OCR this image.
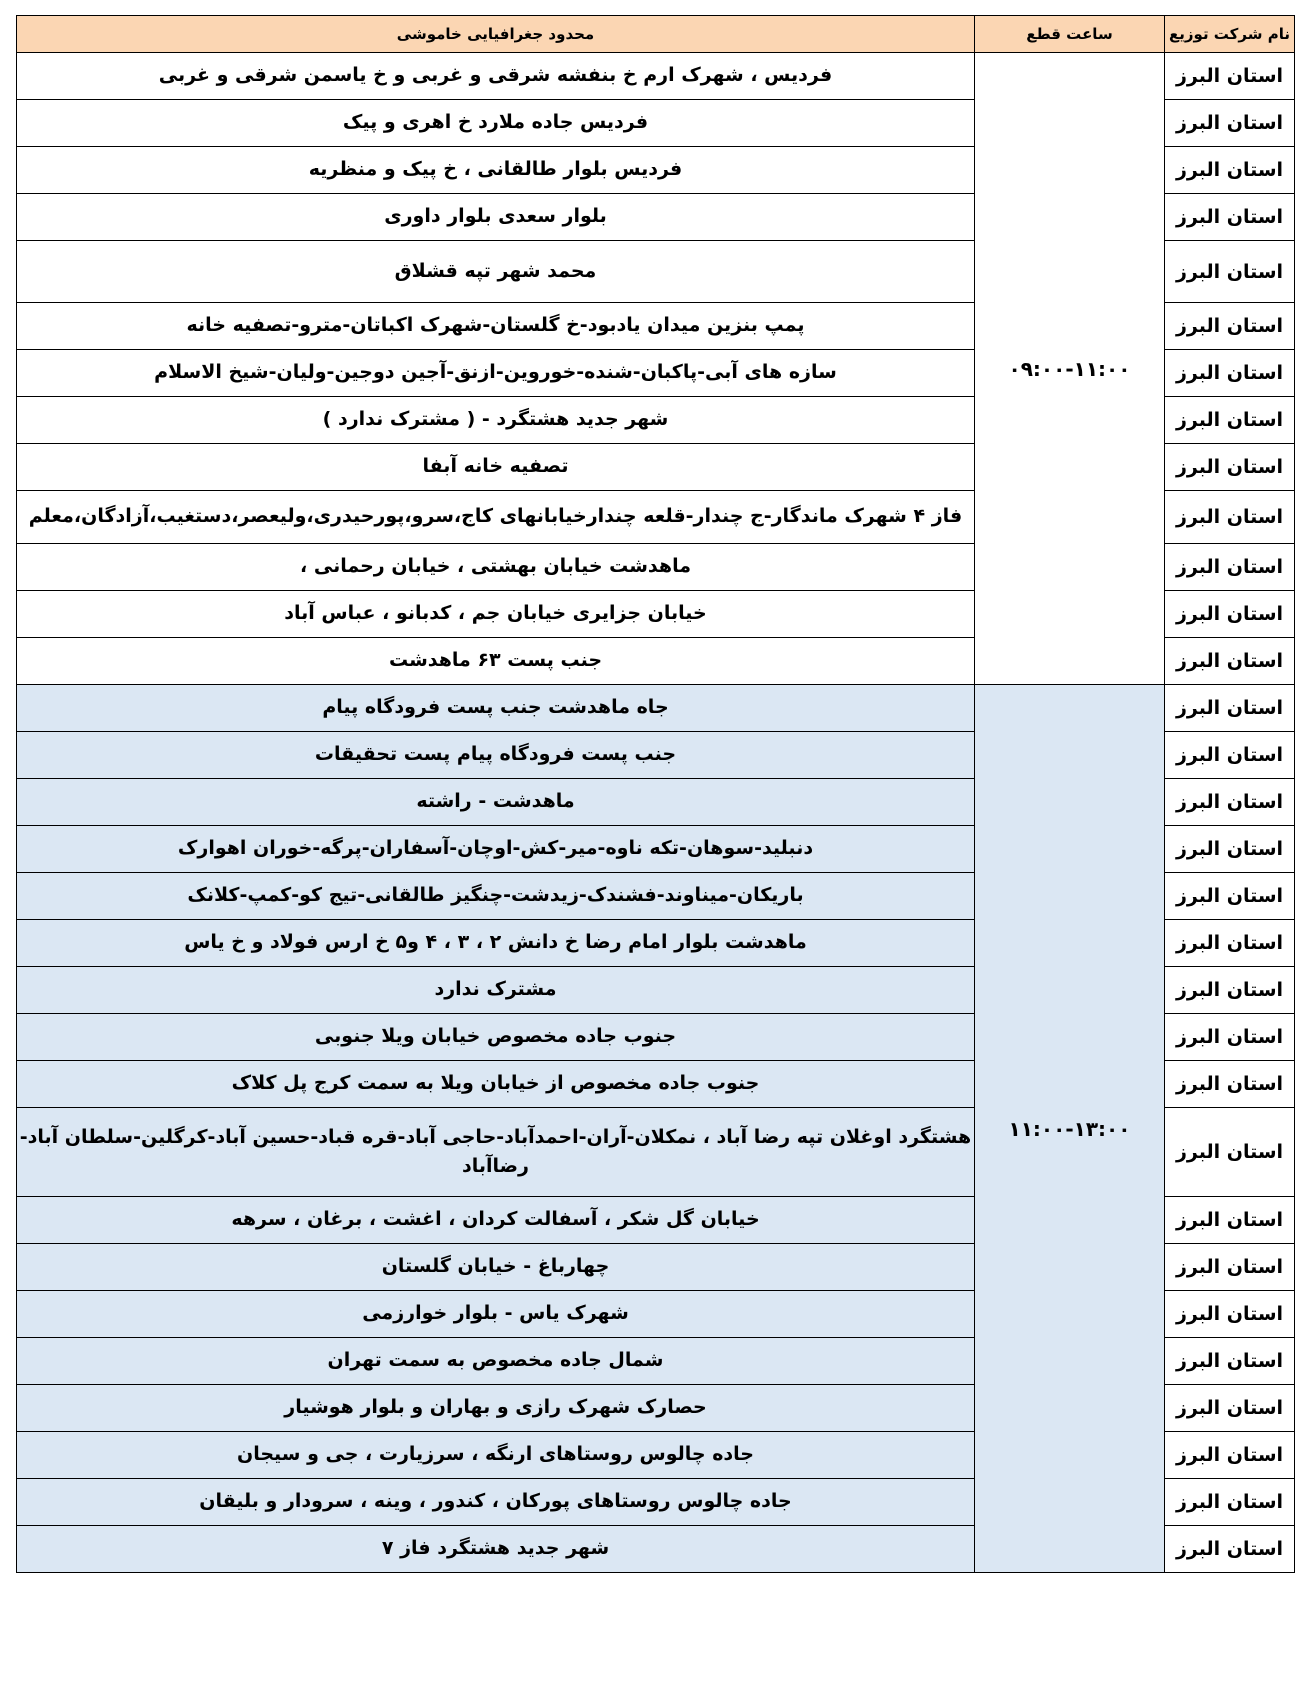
نام شرکت توزیع	ساعت قطع	محدود جغرافیایی خاموشی
استان البرز	۰۹:۰۰-۱۱:۰۰	فردیس ، شهرک ارم خ بنفشه شرقی و غربی و خ یاسمن شرقی و غربی
استان البرز		فردیس جاده ملارد خ اهری و پیک
استان البرز		فردیس بلوار طالقانی ، خ پیک و منظریه
استان البرز		بلوار سعدی بلوار داوری
استان البرز		محمد شهر تپه قشلاق
استان البرز		پمپ بنزین میدان یادبود-خ گلستان-شهرک اکباتان-مترو-تصفیه خانه
استان البرز		سازه های آبی-پاکبان-شنده-خوروین-ازنق-آجین دوجین-ولیان-شیخ الاسلام
استان البرز		شهر جدید هشتگرد - ( مشترک ندارد )
استان البرز		تصفیه خانه آبفا
استان البرز		فاز ۴ شهرک ماندگار-ج چندار-قلعه چندارخیابانهای کاج،سرو،پورحیدری،ولیعصر،دستغیب،آزادگان،معلم
استان البرز		ماهدشت خیابان بهشتی ، خیابان رحمانی ،
استان البرز		خیابان جزایری خیابان جم ، کدبانو ، عباس آباد
استان البرز		جنب پست ۶۳ ماهدشت
استان البرز	۱۱:۰۰-۱۳:۰۰	جاه ماهدشت جنب پست فرودگاه پیام
استان البرز		جنب پست فرودگاه پیام پست تحقیقات
استان البرز		ماهدشت - راشته
استان البرز		دنبلید-سوهان-تکه ناوه-میر-کش-اوچان-آسفاران-پرگه-خوران اهوارک
استان البرز		باریکان-میناوند-فشندک-زیدشت-چنگیز طالقانی-تیج کو-کمپ-کلانک
استان البرز		ماهدشت بلوار امام رضا خ دانش ۲ ، ۳ ، ۴ و۵ خ ارس فولاد و خ یاس
استان البرز		مشترک ندارد
استان البرز		جنوب جاده مخصوص خیابان ویلا جنوبی
استان البرز		جنوب جاده مخصوص از خیابان ویلا به سمت کرج پل کلاک
استان البرز		هشتگرد اوغلان تپه رضا آباد ، نمکلان-آران-احمدآباد-حاجی آباد-قره قباد-حسین آباد-کرگلین-سلطان آباد-رضاآباد
استان البرز		خیابان گل شکر ، آسفالت کردان ، اغشت ، برغان ، سرهه
استان البرز		چهارباغ - خیابان گلستان
استان البرز		شهرک یاس - بلوار خوارزمی
استان البرز		شمال جاده مخصوص به سمت تهران
استان البرز		حصارک شهرک رازی و بهاران و بلوار هوشیار
استان البرز		جاده چالوس روستاهای ارنگه ، سرزیارت ، جی و سیجان
استان البرز		جاده چالوس روستاهای پورکان ، کندور ، وینه ، سرودار و بلیقان
استان البرز		شهر جدید هشتگرد فاز ۷
